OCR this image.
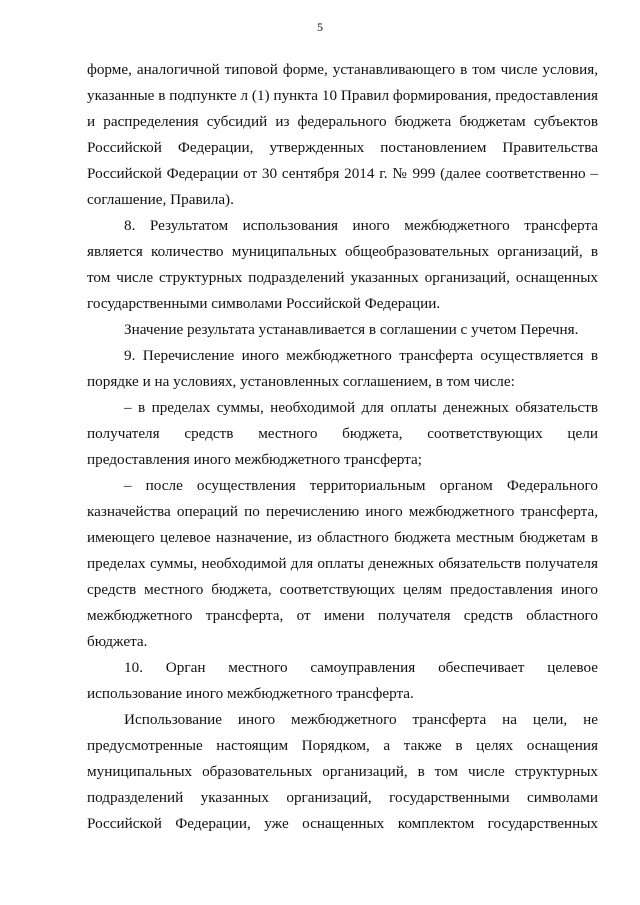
5

форме, аналогичной типовой форме, устанавливающего в том числе условия, указанные в подпункте л (1) пункта 10 Правил формирования, предоставления и распределения субсидий из федерального бюджета бюджетам субъектов Российской Федерации, утвержденных постановлением Правительства Российской Федерации от 30 сентября 2014 г. № 999 (далее соответственно – соглашение, Правила).

8. Результатом использования иного межбюджетного трансферта является количество муниципальных общеобразовательных организаций, в том числе структурных подразделений указанных организаций, оснащенных государственными символами Российской Федерации.

Значение результата устанавливается в соглашении с учетом Перечня.

9. Перечисление иного межбюджетного трансферта осуществляется в порядке и на условиях, установленных соглашением, в том числе:

– в пределах суммы, необходимой для оплаты денежных обязательств получателя средств местного бюджета, соответствующих цели предоставления иного межбюджетного трансферта;

– после осуществления территориальным органом Федерального казначейства операций по перечислению иного межбюджетного трансферта, имеющего целевое назначение, из областного бюджета местным бюджетам в пределах суммы, необходимой для оплаты денежных обязательств получателя средств местного бюджета, соответствующих целям предоставления иного межбюджетного трансферта, от имени получателя средств областного бюджета.

10. Орган местного самоуправления обеспечивает целевое использование иного межбюджетного трансферта.

Использование иного межбюджетного трансферта на цели, не предусмотренные настоящим Порядком, а также в целях оснащения муниципальных образовательных организаций, в том числе структурных подразделений указанных организаций, государственными символами Российской Федерации, уже оснащенных комплектом государственных
